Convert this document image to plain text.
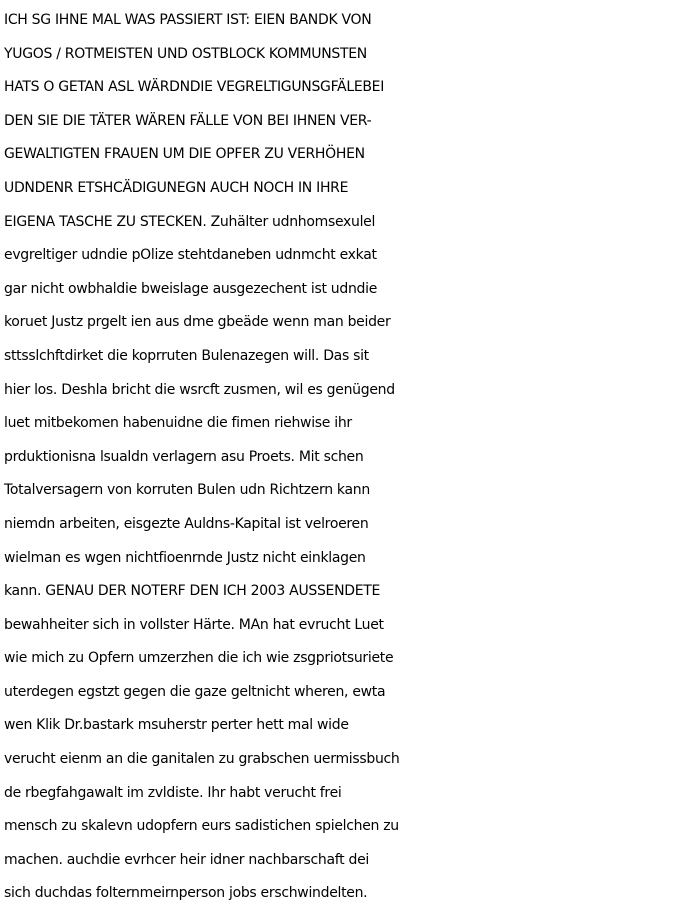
ICH SG IHNE MAL WAS PASSIERT IST: EIEN BANDK VON
YUGOS / ROTMEISTEN UND OSTBLOCK KOMMUNSTEN
HATS O GETAN ASL WÄRDNDIE VEGRELTIGUNSGFÄLEBEI
DEN SIE DIE TÄTER WÄREN FÄLLE VON BEI IHNEN VER-
GEWALTIGTEN FRAUEN UM DIE OPFER ZU VERHÖHEN
UDNDENR ETSHCÄDIGUNEGN AUCH NOCH IN IHRE
EIGENA TASCHE ZU STECKEN. Zuhälter udnhomsexulel
evgreltiger udndie pOlize stehtdaneben udnmcht exkat
gar nicht owbhaldie bweislage ausgezechent ist udndie
koruet Justz prgelt ien aus dme gbeäde wenn man beider
sttsslchftdirket die koprruten Bulenazegen will. Das sit
hier los. Deshla bricht die wsrcft zusmen, wil es genügend
luet mitbekomen habenuidne die fimen riehwise ihr
prduktionisna lsualdn verlagern asu Proets. Mit schen
Totalversagern von korruten Bulen udn Richtzern kann
niemdn arbeiten, eisgezte Auldns-Kapital ist velroeren
wielman es wgen nichtfioenrnde Justz nicht einklagen
kann. GENAU DER NOTERF DEN ICH 2003 AUSSENDETE
bewahheiter sich in vollster Härte. MAn hat evrucht Luet
wie mich zu Opfern umzerzhen die ich wie zsgpriotsuriete
uterdegen egstzt gegen die gaze geltnicht wheren, ewta
wen Klik Dr.bastark msuherstr perter hett mal wide
verucht eienm an die ganitalen zu grabschen uermissbuch
de rbegfahgawalt im zvldiste. Ihr habt verucht frei
mensch zu skalevn udopfern eurs sadistichen spielchen zu
machen. auchdie evrhcer heir idner nachbarschaft dei
sich duchdas folternmeirnperson jobs erschwindelten.
